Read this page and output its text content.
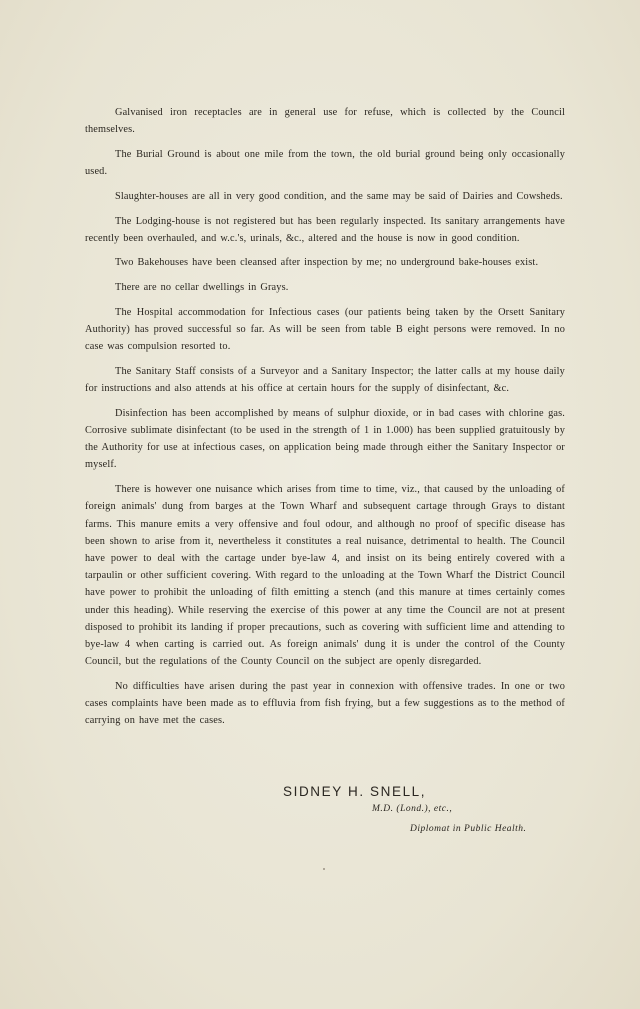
Galvanised iron receptacles are in general use for refuse, which is collected by the Council themselves.

The Burial Ground is about one mile from the town, the old burial ground being only occasionally used.

Slaughter-houses are all in very good condition, and the same may be said of Dairies and Cowsheds.

The Lodging-house is not registered but has been regularly inspected. Its sanitary arrangements have recently been overhauled, and w.c.'s, urinals, &c., altered and the house is now in good condition.

Two Bakehouses have been cleansed after inspection by me; no underground bake-houses exist.

There are no cellar dwellings in Grays.

The Hospital accommodation for Infectious cases (our patients being taken by the Orsett Sanitary Authority) has proved successful so far. As will be seen from table B eight persons were removed. In no case was compulsion resorted to.

The Sanitary Staff consists of a Surveyor and a Sanitary Inspector; the latter calls at my house daily for instructions and also attends at his office at certain hours for the supply of disinfectant, &c.

Disinfection has been accomplished by means of sulphur dioxide, or in bad cases with chlorine gas. Corrosive sublimate disinfectant (to be used in the strength of 1 in 1.000) has been supplied gratuitously by the Authority for use at infectious cases, on application being made through either the Sanitary Inspector or myself.

There is however one nuisance which arises from time to time, viz., that caused by the unloading of foreign animals' dung from barges at the Town Wharf and subsequent cartage through Grays to distant farms. This manure emits a very offensive and foul odour, and although no proof of specific disease has been shown to arise from it, nevertheless it constitutes a real nuisance, detrimental to health. The Council have power to deal with the cartage under bye-law 4, and insist on its being entirely covered with a tarpaulin or other sufficient covering. With regard to the unloading at the Town Wharf the District Council have power to prohibit the unloading of filth emitting a stench (and this manure at times certainly comes under this heading). While reserving the exercise of this power at any time the Council are not at present disposed to prohibit its landing if proper precautions, such as covering with sufficient lime and attending to bye-law 4 when carting is carried out. As foreign animals' dung it is under the control of the County Council, but the regulations of the County Council on the subject are openly disregarded.

No difficulties have arisen during the past year in connexion with offensive trades. In one or two cases complaints have been made as to effluvia from fish frying, but a few suggestions as to the method of carrying on have met the cases.

SIDNEY H. SNELL,
M.D. (Lond.), etc.,
Diplomat in Public Health.
